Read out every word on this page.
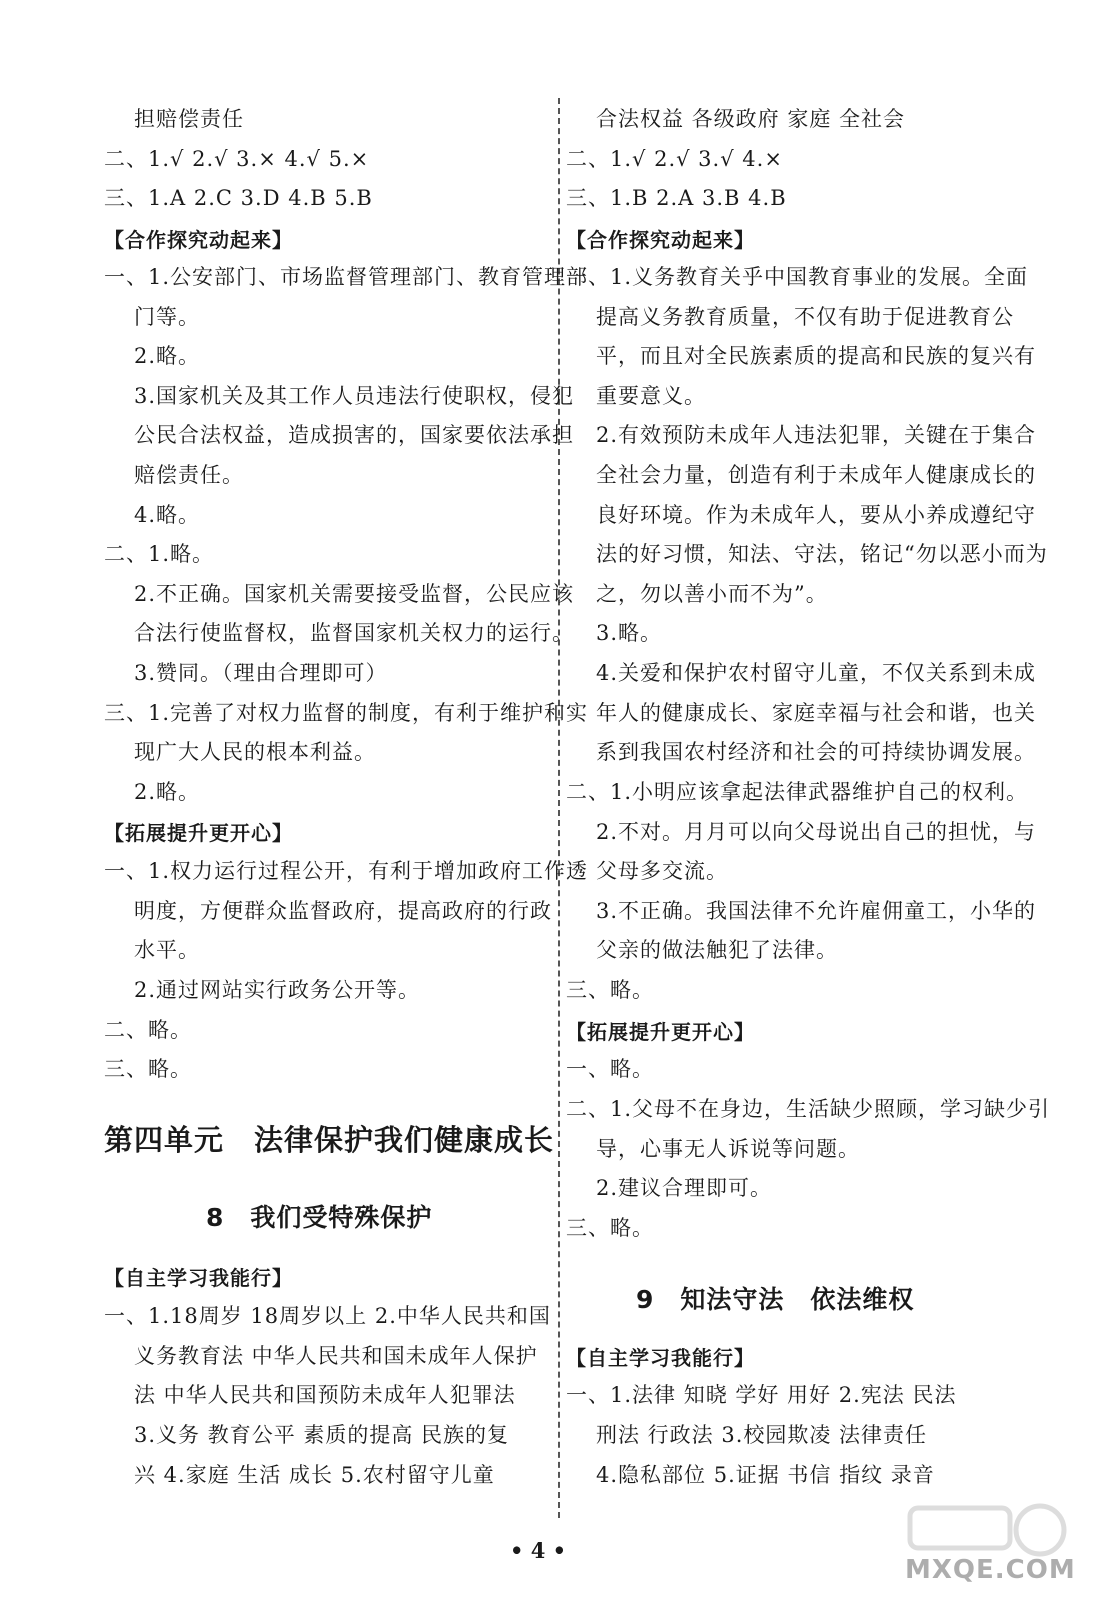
担赔偿责任
二、1.√ 2.√ 3.× 4.√ 5.×
三、1.A 2.C 3.D 4.B 5.B
【合作探究动起来】
一、1.公安部门、市场监督管理部门、教育管理部
门等。
2.略。
3.国家机关及其工作人员违法行使职权，侵犯
公民合法权益，造成损害的，国家要依法承担
赔偿责任。
4.略。
二、1.略。
2.不正确。国家机关需要接受监督，公民应该
合法行使监督权，监督国家机关权力的运行。
3.赞同。（理由合理即可）
三、1.完善了对权力监督的制度，有利于维护和实
现广大人民的根本利益。
2.略。
【拓展提升更开心】
一、1.权力运行过程公开，有利于增加政府工作透
明度，方便群众监督政府，提高政府的行政
水平。
2.通过网站实行政务公开等。
二、略。
三、略。
【自主学习我能行】
一、1.18周岁 18周岁以上 2.中华人民共和国
义务教育法 中华人民共和国未成年人保护
法 中华人民共和国预防未成年人犯罪法
3.义务 教育公平 素质的提高 民族的复
兴 4.家庭 生活 成长 5.农村留守儿童
合法权益 各级政府 家庭 全社会
二、1.√ 2.√ 3.√ 4.×
三、1.B 2.A 3.B 4.B
【合作探究动起来】
一、1.义务教育关乎中国教育事业的发展。全面
提高义务教育质量，不仅有助于促进教育公
平，而且对全民族素质的提高和民族的复兴有
重要意义。
2.有效预防未成年人违法犯罪，关键在于集合
全社会力量，创造有利于未成年人健康成长的
良好环境。作为未成年人，要从小养成遵纪守
法的好习惯，知法、守法，铭记“勿以恶小而为
之，勿以善小而不为”。
3.略。
4.关爱和保护农村留守儿童，不仅关系到未成
年人的健康成长、家庭幸福与社会和谐，也关
系到我国农村经济和社会的可持续协调发展。
二、1.小明应该拿起法律武器维护自己的权利。
2.不对。月月可以向父母说出自己的担忧，与
父母多交流。
3.不正确。我国法律不允许雇佣童工，小华的
父亲的做法触犯了法律。
三、略。
【拓展提升更开心】
一、略。
二、1.父母不在身边，生活缺少照顾，学习缺少引
导，心事无人诉说等问题。
2.建议合理即可。
三、略。
【自主学习我能行】
一、1.法律 知晓 学好 用好 2.宪法 民法
刑法 行政法 3.校园欺凌 法律责任
4.隐私部位 5.证据 书信 指纹 录音
第四单元　法律保护我们健康成长
8　我们受特殊保护
9　知法守法　依法维权
• 4 •
MXQE.COM
